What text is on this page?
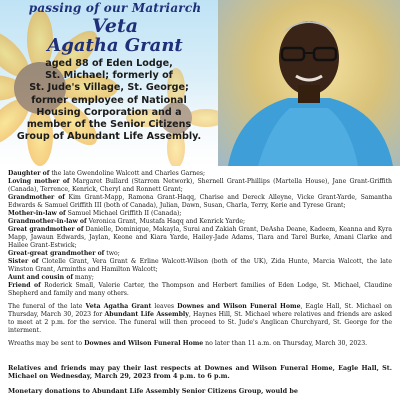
passing of our Matriarch
Veta
Agatha Grant
aged 88 of Eden Lodge,
St. Michael; formerly of
St. Jude's Village, St. George;
former employee of National
Housing Corporation and a
member of the Senior Citizens
Group of Abundant Life Assembly.

Daughter of the late Gwendoline Walcott and Charles Garnes;

Loving mother of Margaret Bullard (Starrom Network), Shernell Grant-Phillips (Martella House), Jane Grant-Griffith (Canada), Terrence, Kenrick, Cheryl and Ronnett Grant;

Grandmother of Kim Grant-Mapp, Ramona Grant-Haqq, Charise and Dereck Alleyne, Vicke Grant-Yarde, Samantha Edwards & Samuel Griffith III (both of Canada), Julian, Dawn, Susan, Charla, Terry, Kerie and Tyrese Grant;

Mother-in-law of Samuel Michael Griffith II (Canada);

Grandmother-in-law of Veronica Grant, Mustafa Haqq and Kenrick Yarde;

Great grandmother of Danielle, Dominique, Makayla, Surai and Zakiah Grant, DeAsha Deane, Kadeem, Keanna and Kyra Mapp, Jawaun Edwards, Jaylan, Keone and Kiara Yarde, Hailey-Jade Adams, Tiara and Tarel Burke, Amani Clarke and Hailee Grant-Estwick;

Great-great grandmother of two;

Sister of Clotelle Grant, Vera Grant & Erline Walcott-Wilson (both of the UK), Zida Hunte, Marcia Walcott, the late Winston Grant, Arminths and Hamilton Walcott;

Aunt and cousin of many;

Friend of Roderick Small, Valerie Carter, the Thompson and Herbert families of Eden Lodge, St. Michael, Claudine Shepherd and family and many others.

The funeral of the late Veta Agatha Grant leaves Downes and Wilson Funeral Home, Eagle Hall, St. Michael on Thursday, March 30, 2023 for Abundant Life Assembly, Haynes Hill, St. Michael where relatives and friends are asked to meet at 2 p.m. for the service. The funeral will then proceed to St. Jude's Anglican Churchyard, St. George for the interment.

Wreaths may be sent to Downes and Wilson Funeral Home no later than 11 a.m. on Thursday, March 30, 2023.

Relatives and friends may pay their last respects at Downes and Wilson Funeral Home, Eagle Hall, St. Michael on Wednesday, March 29, 2023 from 4 p.m. to 6 p.m.

Monetary donations to Abundant Life Assembly Senior Citizens Group, would be
